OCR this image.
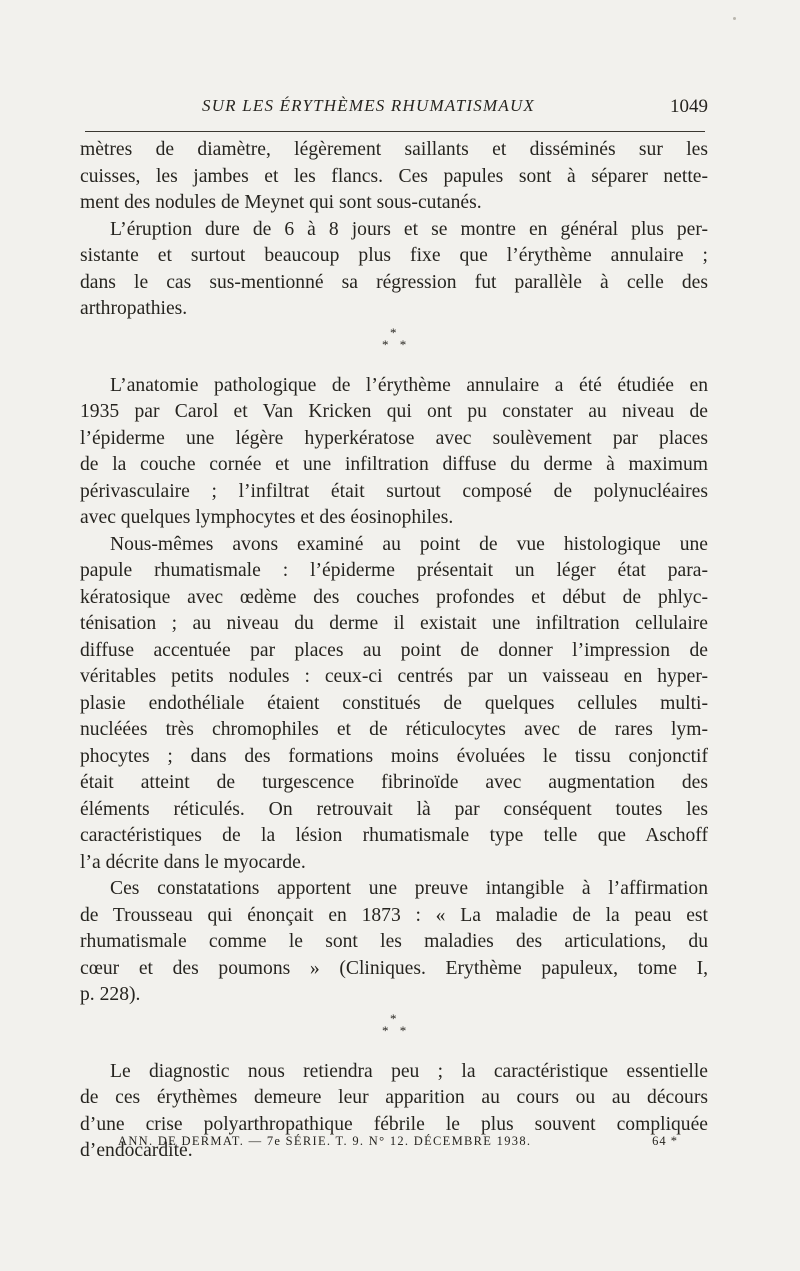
SUR LES ÉRYTHÈMES RHUMATISMAUX	1049
mètres de diamètre, légèrement saillants et disséminés sur les
cuisses, les jambes et les flancs. Ces papules sont à séparer nette-
ment des nodules de Meynet qui sont sous-cutanés.
L’éruption dure de 6 à 8 jours et se montre en général plus per-
sistante et surtout beaucoup plus fixe que l’érythème annulaire ;
dans le cas sus-mentionné sa régression fut parallèle à celle des
arthropathies.
*
* *
L’anatomie pathologique de l’érythème annulaire a été étudiée en
1935 par Carol et Van Kricken qui ont pu constater au niveau de
l’épiderme une légère hyperkératose avec soulèvement par places
de la couche cornée et une infiltration diffuse du derme à maximum
périvasculaire ; l’infiltrat était surtout composé de polynucléaires
avec quelques lymphocytes et des éosinophiles.
Nous-mêmes avons examiné au point de vue histologique une
papule rhumatismale : l’épiderme présentait un léger état para-
kératosique avec œdème des couches profondes et début de phlyc-
ténisation ; au niveau du derme il existait une infiltration cellulaire
diffuse accentuée par places au point de donner l’impression de
véritables petits nodules : ceux-ci centrés par un vaisseau en hyper-
plasie endothéliale étaient constitués de quelques cellules multi-
nucléées très chromophiles et de réticulocytes avec de rares lym-
phocytes ; dans des formations moins évoluées le tissu conjonctif
était atteint de turgescence fibrinoïde avec augmentation des
éléments réticulés. On retrouvait là par conséquent toutes les
caractéristiques de la lésion rhumatismale type telle que Aschoff
l’a décrite dans le myocarde.
Ces constatations apportent une preuve intangible à l’affirmation
de Trousseau qui énonçait en 1873 : « La maladie de la peau est
rhumatismale comme le sont les maladies des articulations, du
cœur et des poumons » (Cliniques. Erythème papuleux, tome I,
p. 228).
*
* *
Le diagnostic nous retiendra peu ; la caractéristique essentielle
de ces érythèmes demeure leur apparition au cours ou au décours
d’une crise polyarthropathique fébrile le plus souvent compliquée
d’endocardite.
ANN. DE DERMAT. — 7e SÉRIE. T. 9. N° 12. DÉCEMBRE 1938.	64 *
